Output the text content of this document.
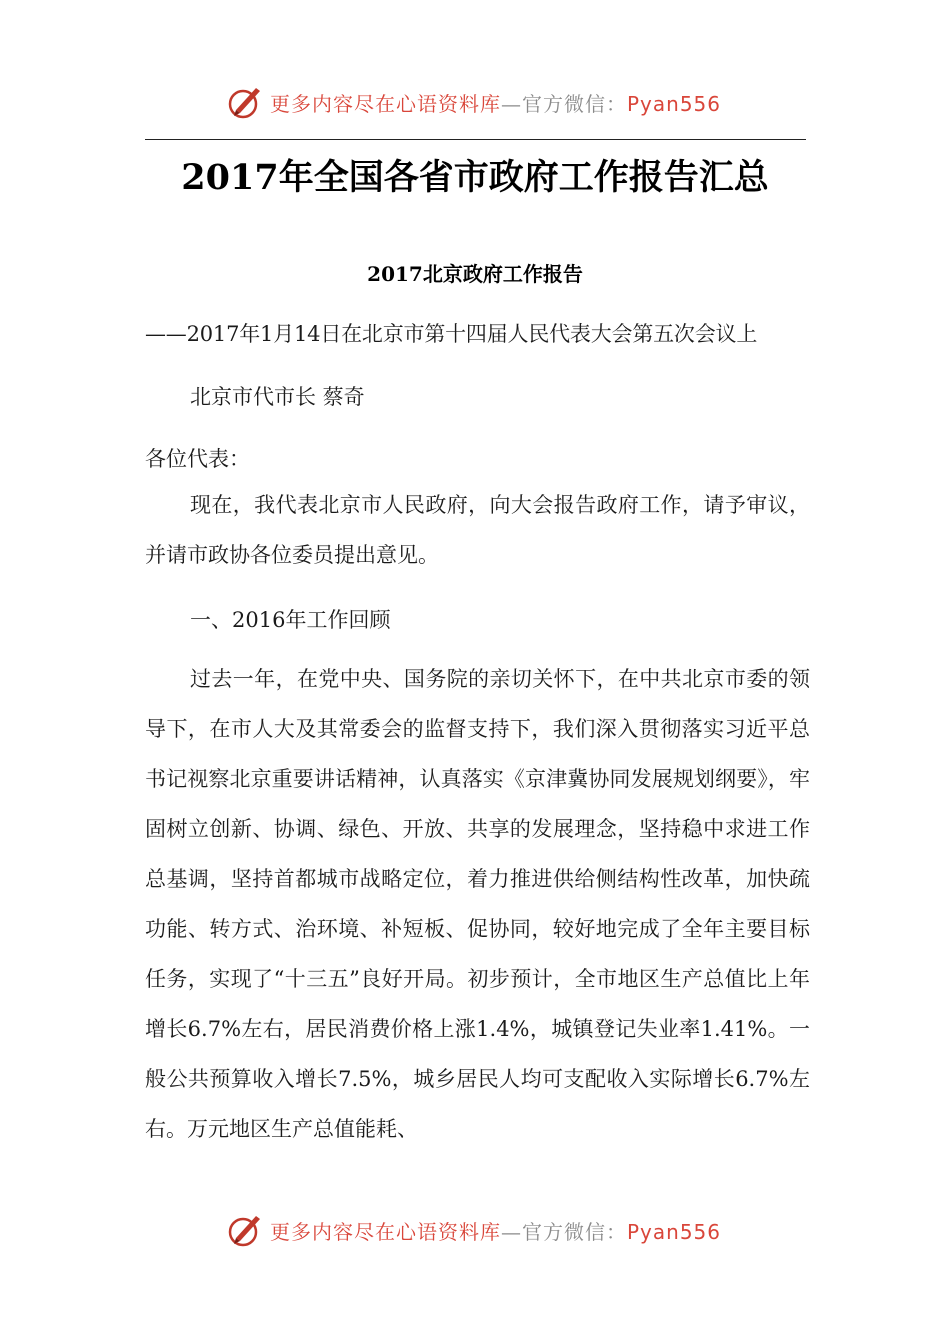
更多内容尽在心语资料库—官方微信：Pyan556
2017年全国各省市政府工作报告汇总
2017北京政府工作报告
——2017年1月14日在北京市第十四届人民代表大会第五次会议上
北京市代市长 蔡奇
各位代表：

现在，我代表北京市人民政府，向大会报告政府工作，请予审议，并请市政协各位委员提出意见。

一、2016年工作回顾

过去一年，在党中央、国务院的亲切关怀下，在中共北京市委的领导下，在市人大及其常委会的监督支持下，我们深入贯彻落实习近平总书记视察北京重要讲话精神，认真落实《京津冀协同发展规划纲要》，牢固树立创新、协调、绿色、开放、共享的发展理念，坚持稳中求进工作总基调，坚持首都城市战略定位，着力推进供给侧结构性改革，加快疏功能、转方式、治环境、补短板、促协同，较好地完成了全年主要目标任务，实现了“十三五”良好开局。初步预计，全市地区生产总值比上年增长6.7%左右，居民消费价格上涨1.4%，城镇登记失业率1.41%。一般公共预算收入增长7.5%，城乡居民人均可支配收入实际增长6.7%左右。万元地区生产总值能耗、

更多内容尽在心语资料库—官方微信：Pyan556
